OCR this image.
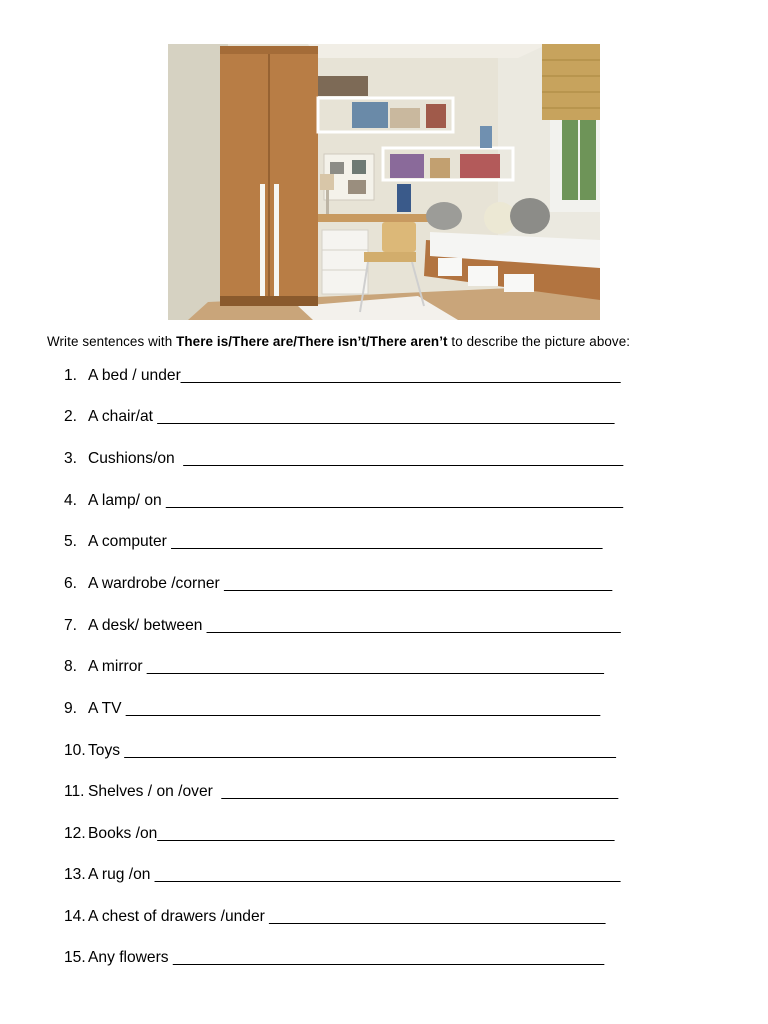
Write sentences with There is/There are/There isn’t/There aren’t to describe the picture above:
1. A bed / under___________________________________________________
2. A chair/at _____________________________________________________
3. Cushions/on  ___________________________________________________
4. A lamp/ on _____________________________________________________
5. A computer __________________________________________________
6. A wardrobe /corner _____________________________________________
7. A desk/ between ________________________________________________
8. A mirror _____________________________________________________
9. A TV _______________________________________________________
10. Toys _________________________________________________________
11. Shelves / on /over  ______________________________________________
12. Books /on_____________________________________________________
13. A rug /on ______________________________________________________
14. A chest of drawers /under _______________________________________
15. Any flowers __________________________________________________
